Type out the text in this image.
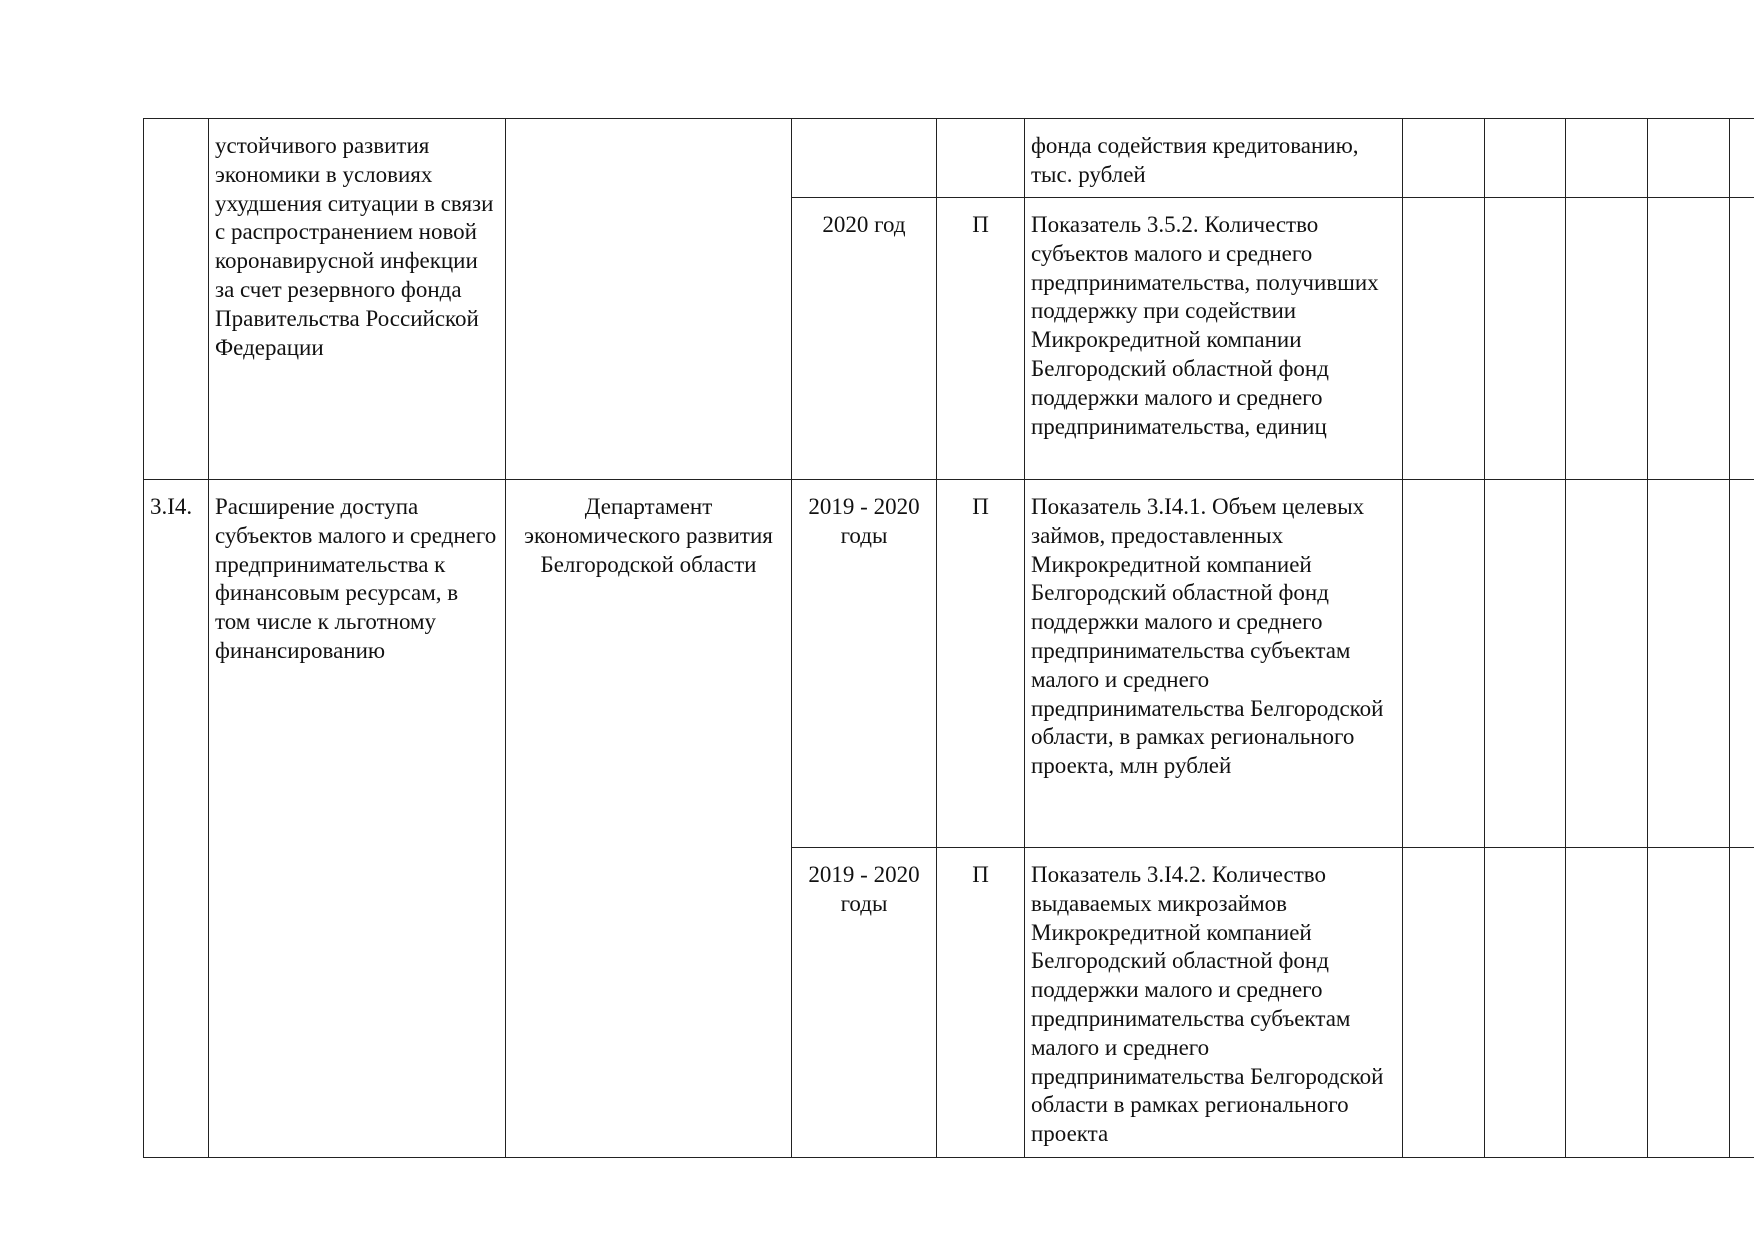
	устойчивого развития экономики в условиях ухудшения ситуации в связи с распространением новой коронавирусной инфекции за счет резервного фонда Правительства Российской Федерации				фонда содействия кредитованию, тыс. рублей					
			2020 год	П	Показатель 3.5.2. Количество субъектов малого и среднего предпринимательства, получивших поддержку при содействии Микрокредитной компании Белгородский областной фонд поддержки малого и среднего предпринимательства, единиц					
3.I4.	Расширение доступа субъектов малого и среднего предпринимательства к финансовым ресурсам, в том числе к льготному финансированию	Департамент экономического развития Белгородской области	2019 - 2020 годы	П	Показатель 3.I4.1. Объем целевых займов, предоставленных Микрокредитной компанией Белгородский областной фонд поддержки малого и среднего предпринимательства субъектам малого и среднего предпринимательства Белгородской области, в рамках регионального проекта, млн рублей					
			2019 - 2020 годы	П	Показатель 3.I4.2. Количество выдаваемых микрозаймов Микрокредитной компанией Белгородский областной фонд поддержки малого и среднего предпринимательства субъектам малого и среднего предпринимательства Белгородской области в рамках регионального проекта					
